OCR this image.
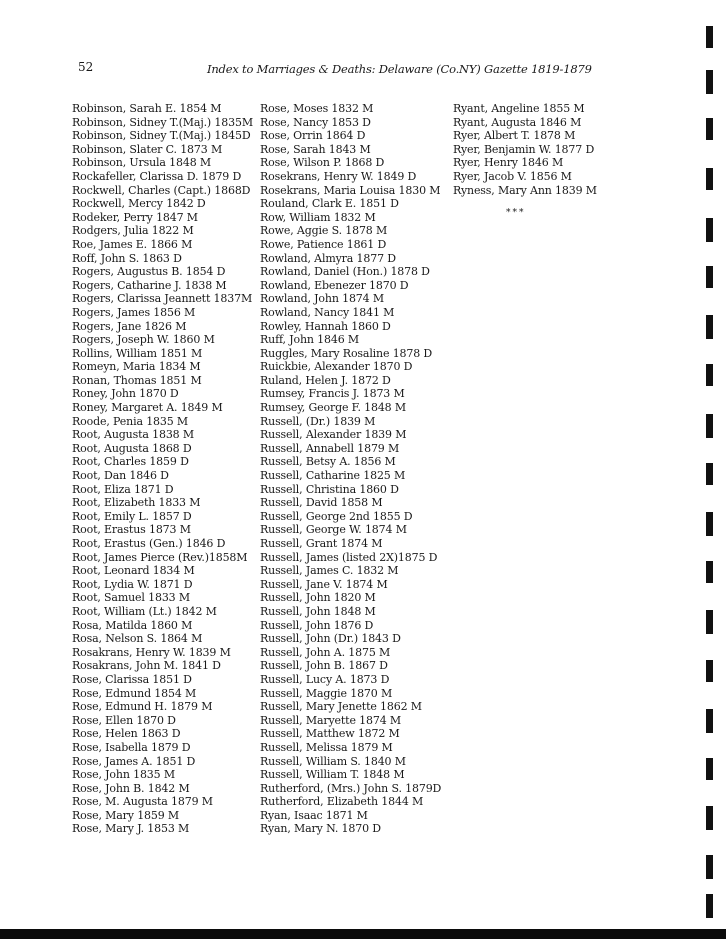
52	Index to Marriages & Deaths: Delaware (Co.NY) Gazette 1819-1879
Robinson, Sarah E. 1854 M
Robinson, Sidney T.(Maj.) 1835M
Robinson, Sidney T.(Maj.) 1845D
Robinson, Slater C. 1873 M
Robinson, Ursula 1848 M
Rockafeller, Clarissa D. 1879 D
Rockwell, Charles (Capt.) 1868D
Rockwell, Mercy 1842 D
Rodeker, Perry 1847 M
Rodgers, Julia 1822 M
Roe, James E. 1866 M
Roff, John S. 1863 D
Rogers, Augustus B. 1854 D
Rogers, Catharine J. 1838 M
Rogers, Clarissa Jeannett 1837M
Rogers, James 1856 M
Rogers, Jane 1826 M
Rogers, Joseph W. 1860 M
Rollins, William 1851 M
Romeyn, Maria 1834 M
Ronan, Thomas 1851 M
Roney, John 1870 D
Roney, Margaret A. 1849 M
Roode, Penia 1835 M
Root, Augusta 1838 M
Root, Augusta 1868 D
Root, Charles 1859 D
Root, Dan 1846 D
Root, Eliza 1871 D
Root, Elizabeth 1833 M
Root, Emily L. 1857 D
Root, Erastus 1873 M
Root, Erastus (Gen.) 1846 D
Root, James Pierce (Rev.)1858M
Root, Leonard 1834 M
Root, Lydia W. 1871 D
Root, Samuel 1833 M
Root, William (Lt.) 1842 M
Rosa, Matilda 1860 M
Rosa, Nelson S. 1864 M
Rosakrans, Henry W. 1839 M
Rosakrans, John M. 1841 D
Rose, Clarissa 1851 D
Rose, Edmund 1854 M
Rose, Edmund H. 1879 M
Rose, Ellen 1870 D
Rose, Helen 1863 D
Rose, Isabella 1879 D
Rose, James A. 1851 D
Rose, John 1835 M
Rose, John B. 1842 M
Rose, M. Augusta 1879 M
Rose, Mary 1859 M
Rose, Mary J. 1853 M
Rose, Moses 1832 M
Rose, Nancy 1853 D
Rose, Orrin 1864 D
Rose, Sarah 1843 M
Rose, Wilson P. 1868 D
Rosekrans, Henry W. 1849 D
Rosekrans, Maria Louisa 1830 M
Rouland, Clark E. 1851 D
Row, William 1832 M
Rowe, Aggie S. 1878 M
Rowe, Patience 1861 D
Rowland, Almyra 1877 D
Rowland, Daniel (Hon.) 1878 D
Rowland, Ebenezer 1870 D
Rowland, John 1874 M
Rowland, Nancy 1841 M
Rowley, Hannah 1860 D
Ruff, John 1846 M
Ruggles, Mary Rosaline 1878 D
Ruickbie, Alexander 1870 D
Ruland, Helen J. 1872 D
Rumsey, Francis J. 1873 M
Rumsey, George F. 1848 M
Russell, (Dr.) 1839 M
Russell, Alexander 1839 M
Russell, Annabell 1879 M
Russell, Betsy A. 1856 M
Russell, Catharine 1825 M
Russell, Christina 1860 D
Russell, David 1858 M
Russell, George 2nd 1855 D
Russell, George W. 1874 M
Russell, Grant 1874 M
Russell, James (listed 2X)1875 D
Russell, James C. 1832 M
Russell, Jane V. 1874 M
Russell, John 1820 M
Russell, John 1848 M
Russell, John 1876 D
Russell, John (Dr.) 1843 D
Russell, John A. 1875 M
Russell, John B. 1867 D
Russell, Lucy A. 1873 D
Russell, Maggie 1870 M
Russell, Mary Jenette 1862 M
Russell, Maryette 1874 M
Russell, Matthew 1872 M
Russell, Melissa 1879 M
Russell, William S. 1840 M
Russell, William T. 1848 M
Rutherford, (Mrs.) John S. 1879D
Rutherford, Elizabeth 1844 M
Ryan, Isaac 1871 M
Ryan, Mary N. 1870 D
Ryant, Angeline 1855 M
Ryant, Augusta 1846 M
Ryer, Albert T. 1878 M
Ryer, Benjamin W. 1877 D
Ryer, Henry 1846 M
Ryer, Jacob V. 1856 M
Ryness, Mary Ann 1839 M
***
